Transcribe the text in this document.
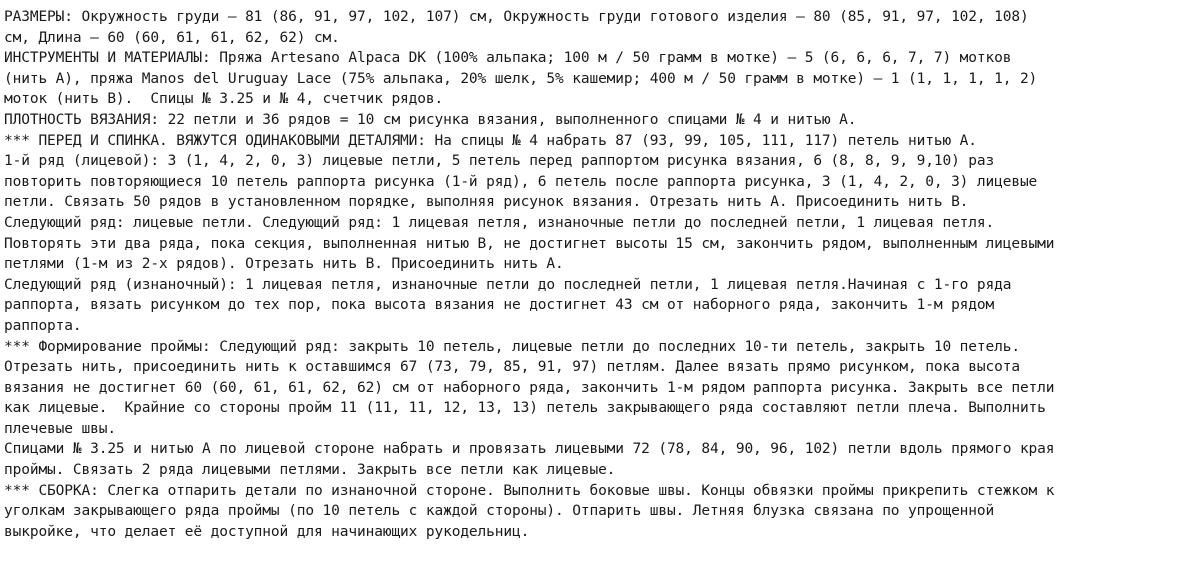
РАЗМЕРЫ: Окружность груди – 81 (86, 91, 97, 102, 107) см, Окружность груди готового изделия – 80 (85, 91, 97, 102, 108)
см, Длина – 60 (60, 61, 61, 62, 62) см.

ИНСТРУМЕНТЫ И МАТЕРИАЛЫ: Пряжа Artesano Alpaca DK (100% альпака; 100 м / 50 грамм в мотке) – 5 (6, 6, 6, 7, 7) мотков
(нить А), пряжа Manos del Uruguay Lace (75% альпака, 20% шелк, 5% кашемир; 400 м / 50 грамм в мотке) – 1 (1, 1, 1, 1, 2)
моток (нить В).  Спицы № 3.25 и № 4, счетчик рядов.

ПЛОТНОСТЬ ВЯЗАНИЯ: 22 петли и 36 рядов = 10 см рисунка вязания, выполненного спицами № 4 и нитью А.

*** ПЕРЕД И СПИНКА. ВЯЖУТСЯ ОДИНАКОВЫМИ ДЕТАЛЯМИ: На спицы № 4 набрать 87 (93, 99, 105, 111, 117) петель нитью А.

1-й ряд (лицевой): 3 (1, 4, 2, 0, 3) лицевые петли, 5 петель перед раппортом рисунка вязания, 6 (8, 8, 9, 9,10) раз
повторить повторяющиеся 10 петель раппорта рисунка (1-й ряд), 6 петель после раппорта рисунка, 3 (1, 4, 2, 0, 3) лицевые
петли. Связать 50 рядов в установленном порядке, выполняя рисунок вязания. Отрезать нить А. Присоединить нить В.

Следующий ряд: лицевые петли. Следующий ряд: 1 лицевая петля, изнаночные петли до последней петли, 1 лицевая петля.
Повторять эти два ряда, пока секция, выполненная нитью В, не достигнет высоты 15 см, закончить рядом, выполненным лицевыми
петлями (1-м из 2-х рядов). Отрезать нить В. Присоединить нить А.

Следующий ряд (изнаночный): 1 лицевая петля, изнаночные петли до последней петли, 1 лицевая петля.Начиная с 1-го ряда
раппорта, вязать рисунком до тех пор, пока высота вязания не достигнет 43 см от наборного ряда, закончить 1-м рядом
раппорта.

*** Формирование проймы: Следующий ряд: закрыть 10 петель, лицевые петли до последних 10-ти петель, закрыть 10 петель.
Отрезать нить, присоединить нить к оставшимся 67 (73, 79, 85, 91, 97) петлям. Далее вязать прямо рисунком, пока высота
вязания не достигнет 60 (60, 61, 61, 62, 62) см от наборного ряда, закончить 1-м рядом раппорта рисунка. Закрыть все петли
как лицевые.  Крайние со стороны пройм 11 (11, 11, 12, 13, 13) петель закрывающего ряда составляют петли плеча. Выполнить
плечевые швы.

Спицами № 3.25 и нитью А по лицевой стороне набрать и провязать лицевыми 72 (78, 84, 90, 96, 102) петли вдоль прямого края
проймы. Связать 2 ряда лицевыми петлями. Закрыть все петли как лицевые.

*** СБОРКА: Слегка отпарить детали по изнаночной стороне. Выполнить боковые швы. Концы обвязки проймы прикрепить стежком к
уголкам закрывающего ряда проймы (по 10 петель с каждой стороны). Отпарить швы. Летняя блузка связана по упрощенной
выкройке, что делает её доступной для начинающих рукодельниц.
